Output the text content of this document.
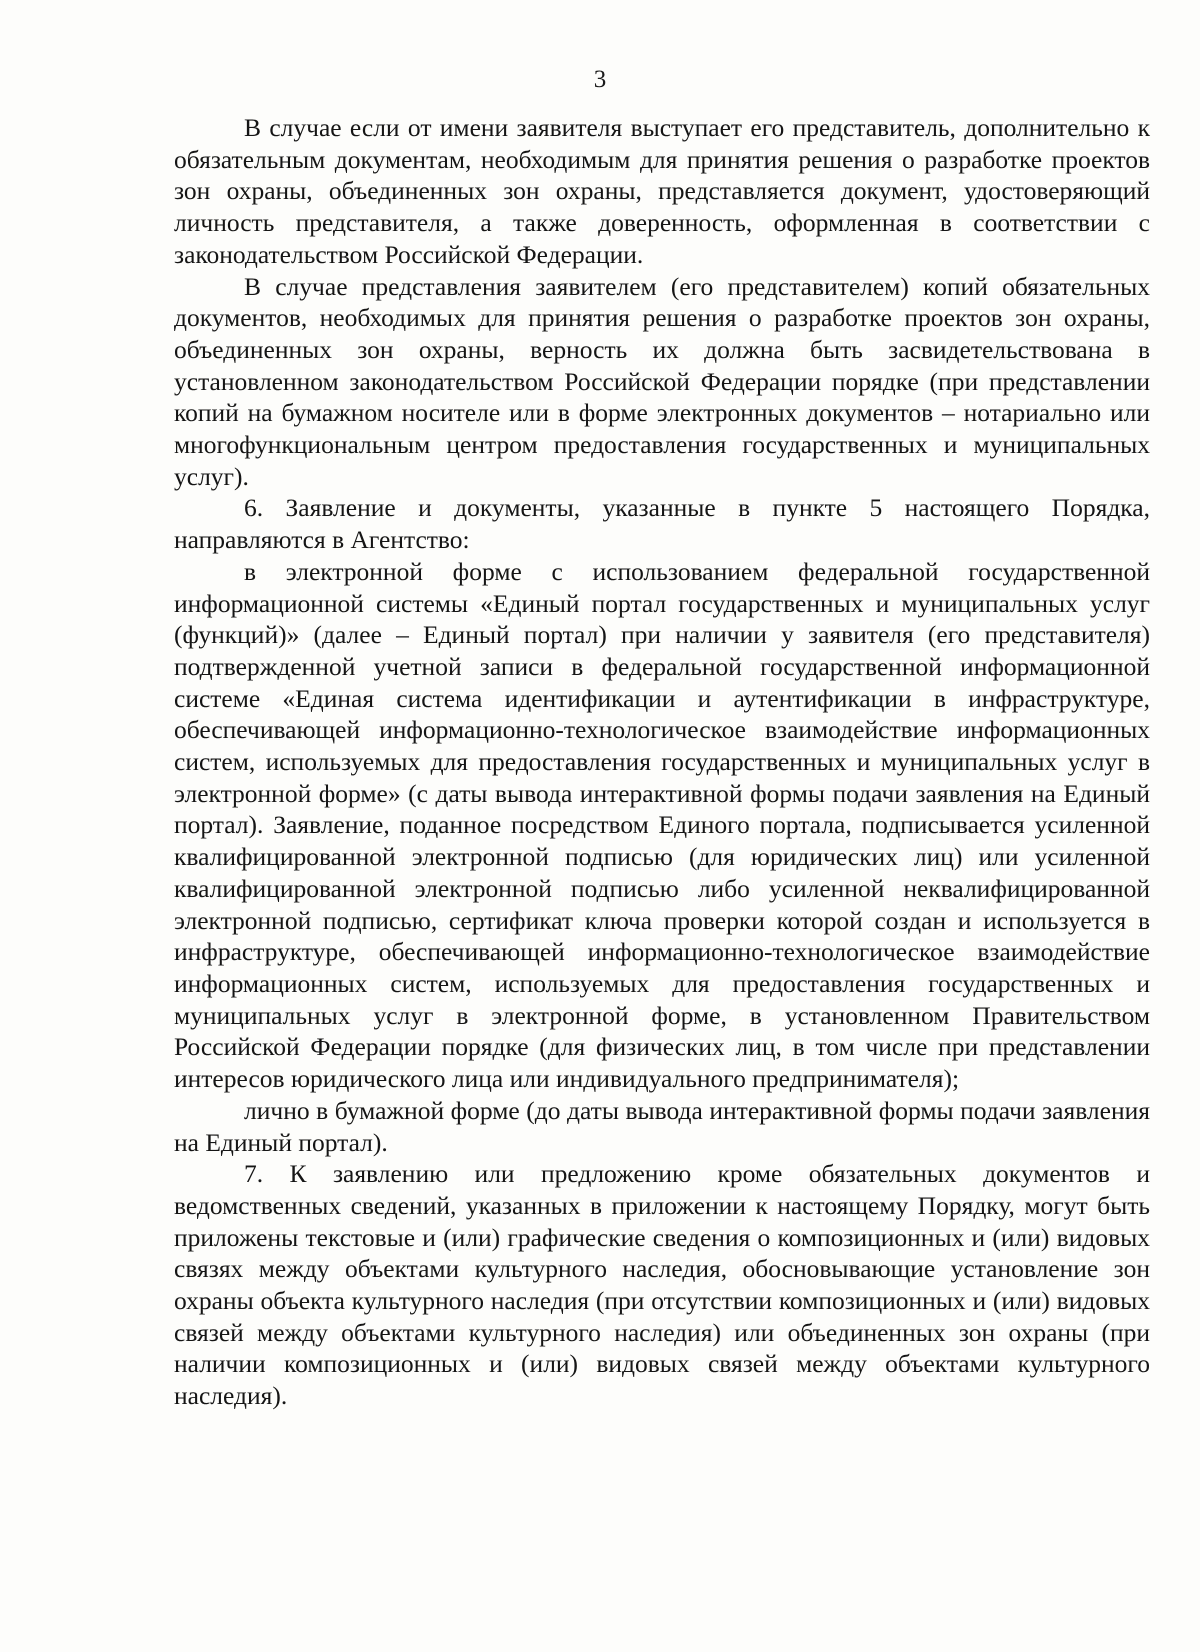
3

В случае если от имени заявителя выступает его представитель, дополнительно к обязательным документам, необходимым для принятия решения о разработке проектов зон охраны, объединенных зон охраны, представляется документ, удостоверяющий личность представителя, а также доверенность, оформленная в соответствии с законодательством Российской Федерации.

В случае представления заявителем (его представителем) копий обязательных документов, необходимых для принятия решения о разработке проектов зон охраны, объединенных зон охраны, верность их должна быть засвидетельствована в установленном законодательством Российской Федерации порядке (при представлении копий на бумажном носителе или в форме электронных документов – нотариально или многофункциональным центром предоставления государственных и муниципальных услуг).

6. Заявление и документы, указанные в пункте 5 настоящего Порядка, направляются в Агентство:

в электронной форме с использованием федеральной государственной информационной системы «Единый портал государственных и муниципальных услуг (функций)» (далее – Единый портал) при наличии у заявителя (его представителя) подтвержденной учетной записи в федеральной государственной информационной системе «Единая система идентификации и аутентификации в инфраструктуре, обеспечивающей информационно-технологическое взаимодействие информационных систем, используемых для предоставления государственных и муниципальных услуг в электронной форме» (с даты вывода интерактивной формы подачи заявления на Единый портал). Заявление, поданное посредством Единого портала, подписывается усиленной квалифицированной электронной подписью (для юридических лиц) или усиленной квалифицированной электронной подписью либо усиленной неквалифицированной электронной подписью, сертификат ключа проверки которой создан и используется в инфраструктуре, обеспечивающей информационно-технологическое взаимодействие информационных систем, используемых для предоставления государственных и муниципальных услуг в электронной форме, в установленном Правительством Российской Федерации порядке (для физических лиц, в том числе при представлении интересов юридического лица или индивидуального предпринимателя);

лично в бумажной форме (до даты вывода интерактивной формы подачи заявления на Единый портал).

7. К заявлению или предложению кроме обязательных документов и ведомственных сведений, указанных в приложении к настоящему Порядку, могут быть приложены текстовые и (или) графические сведения о композиционных и (или) видовых связях между объектами культурного наследия, обосновывающие установление зон охраны объекта культурного наследия (при отсутствии композиционных и (или) видовых связей между объектами культурного наследия) или объединенных зон охраны (при наличии композиционных и (или) видовых связей между объектами культурного наследия).
